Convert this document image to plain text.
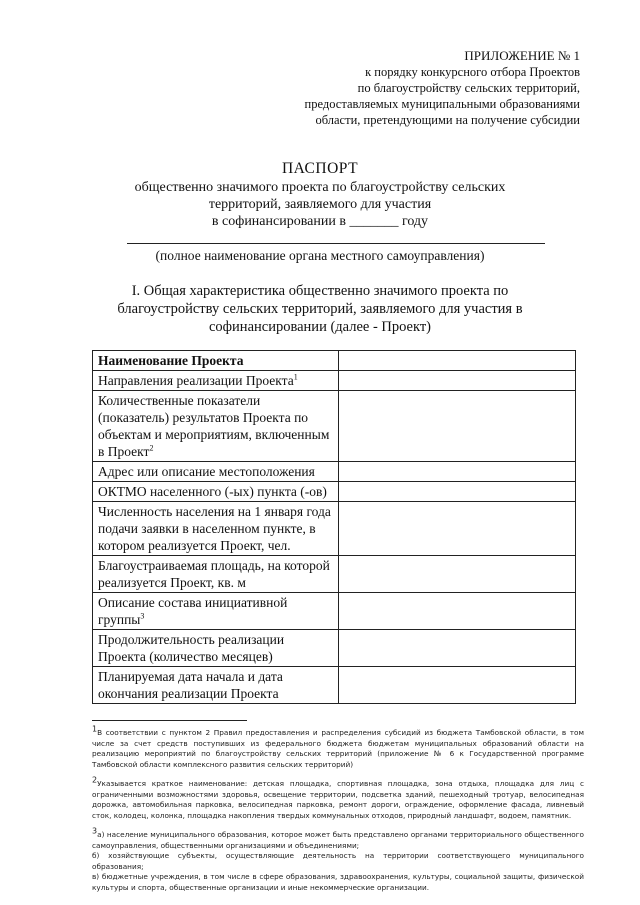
ПРИЛОЖЕНИЕ № 1
к порядку конкурсного отбора Проектов
по благоустройству сельских территорий,
предоставляемых муниципальными образованиями
области, претендующими на получение субсидии
ПАСПОРТ
общественно значимого проекта по благоустройству сельских
территорий, заявляемого для участия
в софинансировании в _______ году
(полное наименование органа местного самоуправления)
I. Общая характеристика общественно значимого проекта по
благоустройству сельских территорий, заявляемого для участия в
софинансировании (далее - Проект)
Наименование Проекта	
Направления реализации Проекта$^1$	
Количественные показатели (показатель) результатов Проекта по объектам и мероприятиям, включенным в Проект$^2$	
Адрес или описание местоположения	
ОКТМО населенного (-ых) пункта (-ов)	
Численность населения на 1 января года подачи заявки в населенном пункте, в котором реализуется Проект, чел.	
Благоустраиваемая площадь, на которой реализуется Проект, кв. м	
Описание состава инициативной группы$^3$	
Продолжительность реализации Проекта (количество месяцев)	
Планируемая дата начала и дата окончания реализации Проекта	

$^1$В соответствии с пунктом 2 Правил предоставления и распределения субсидий из бюджета Тамбовской области, в том числе за счет средств поступивших из федерального бюджета бюджетам муниципальных образований области на реализацию мероприятий по благоустройству сельских территорий (приложение № 6 к Государственной программе Тамбовской области комплексного развития сельских территорий)

$^2$Указывается краткое наименование: детская площадка, спортивная площадка, зона отдыха, площадка для лиц с ограниченными возможностями здоровья, освещение территории, подсветка зданий, пешеходный тротуар, велосипедная дорожка, автомобильная парковка, велосипедная парковка, ремонт дороги, ограждение, оформление фасада, ливневый сток, колодец, колонка, площадка накопления твердых коммунальных отходов, природный ландшафт, водоем, памятник.

$^3$а) население муниципального образования, которое может быть представлено органами территориального общественного самоуправления, общественными организациями и объединениями;

б) хозяйствующие субъекты, осуществляющие деятельность на территории соответствующего муниципального образования;

в) бюджетные учреждения, в том числе в сфере образования, здравоохранения, культуры, социальной защиты, физической культуры и спорта, общественные организации и иные некоммерческие организации.
